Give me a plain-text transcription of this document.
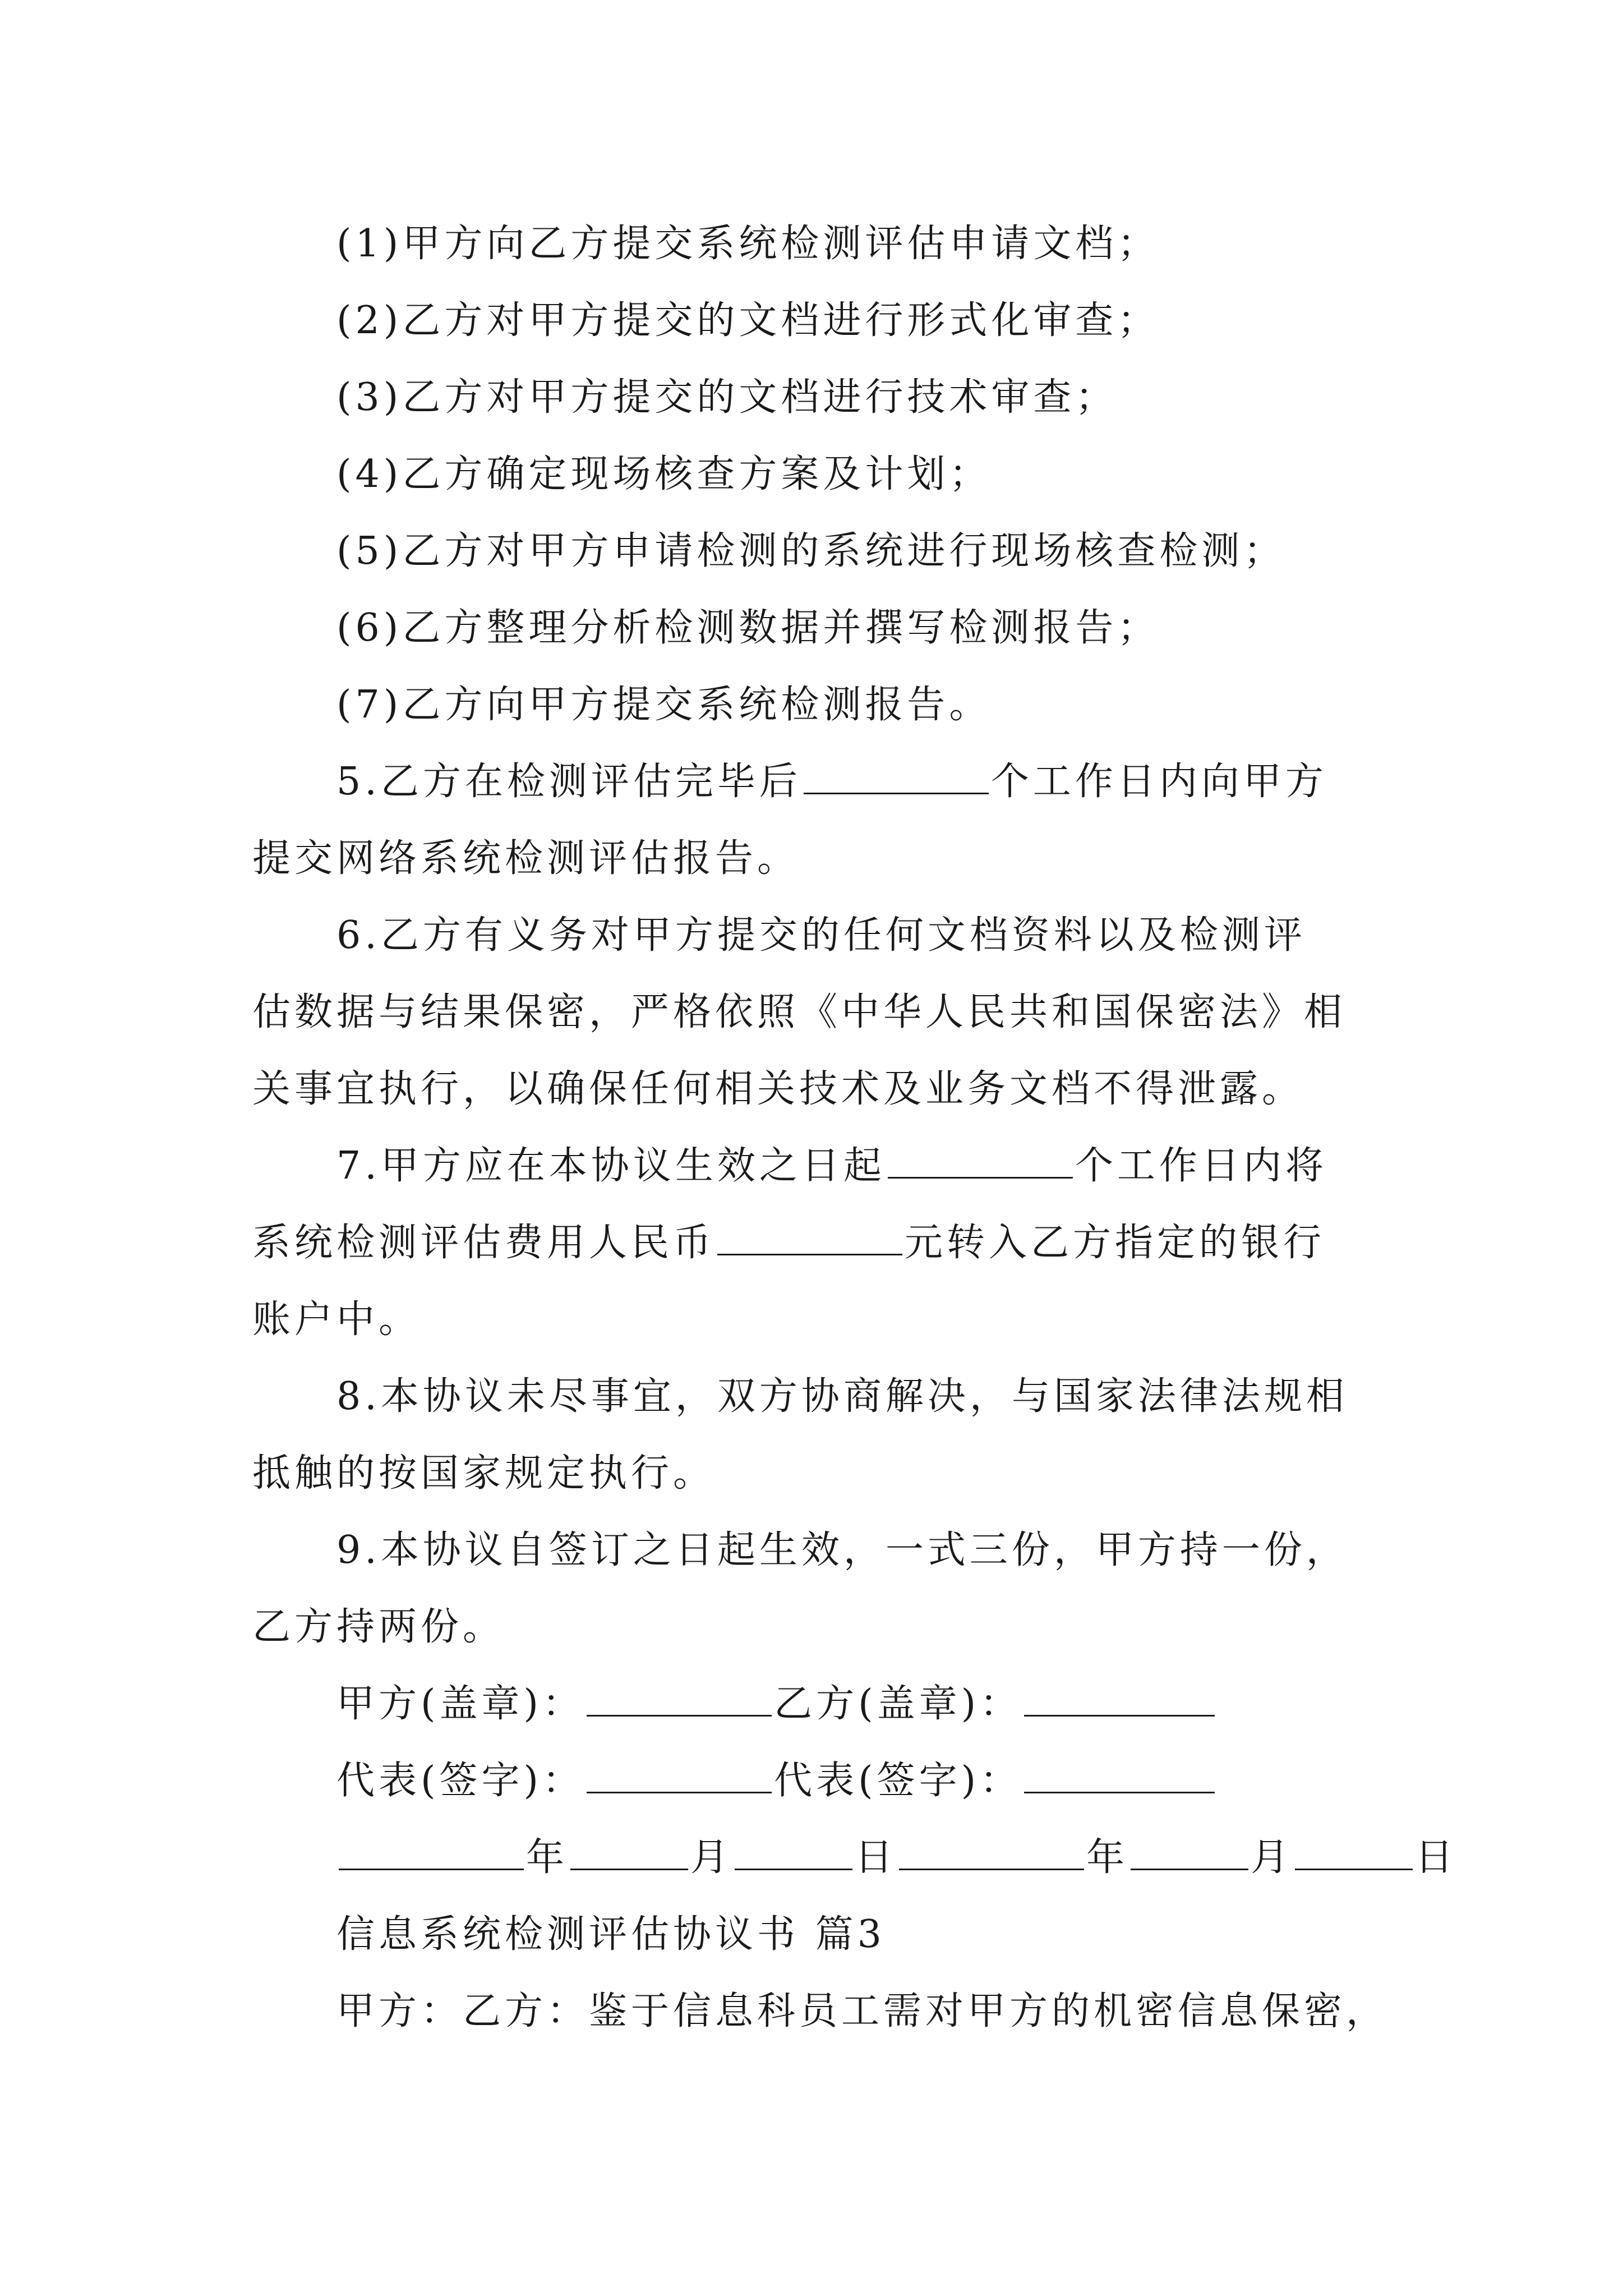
(1)甲方向乙方提交系统检测评估申请文档；
(2)乙方对甲方提交的文档进行形式化审查；
(3)乙方对甲方提交的文档进行技术审查；
(4)乙方确定现场核查方案及计划；
(5)乙方对甲方申请检测的系统进行现场核查检测；
(6)乙方整理分析检测数据并撰写检测报告；
(7)乙方向甲方提交系统检测报告。
5.乙方在检测评估完毕后	个工作日内向甲方
提交网络系统检测评估报告。
6.乙方有义务对甲方提交的任何文档资料以及检测评
估数据与结果保密，严格依照《中华人民共和国保密法》相
关事宜执行，以确保任何相关技术及业务文档不得泄露。
7.甲方应在本协议生效之日起	个工作日内将
系统检测评估费用人民币	元转入乙方指定的银行
账户中。
8.本协议未尽事宜，双方协商解决，与国家法律法规相
抵触的按国家规定执行。
9.本协议自签订之日起生效，一式三份，甲方持一份，
乙方持两份。
甲方(盖章)：	乙方(盖章)：
代表(签字)：	代表(签字)：
年	月	日	年	月	日
信息系统检测评估协议书 篇3
甲方：乙方：鉴于信息科员工需对甲方的机密信息保密，
